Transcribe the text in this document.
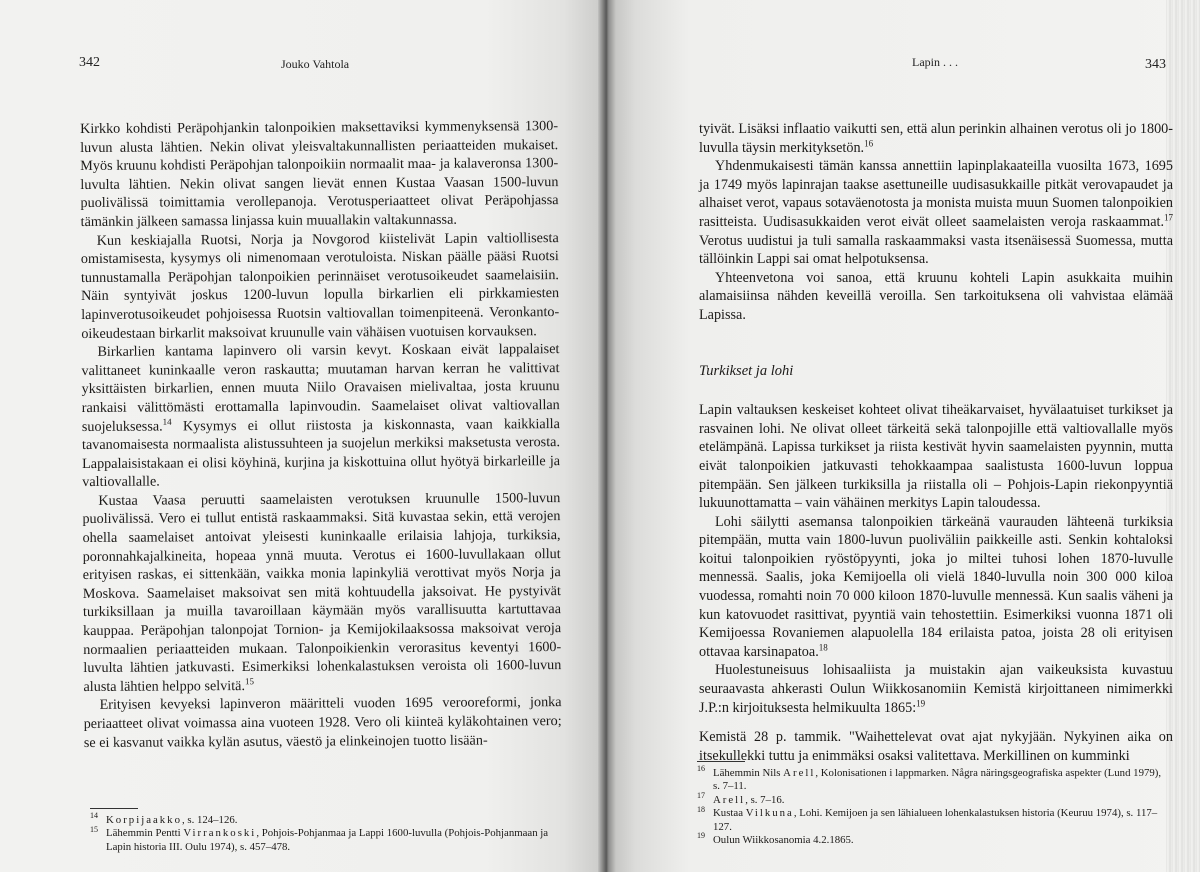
342	Jouko Vahtola

Kirkko kohdisti Peräpohjankin talonpoikien maksettaviksi kymmenyksensä 1300-luvun alusta lähtien. Nekin olivat yleisvaltakunnallisten periaatteiden mukaiset. Myös kruunu kohdisti Peräpohjan talonpoikiin normaalit maa- ja kalaveronsa 1300-luvulta lähtien. Nekin olivat sangen lievät ennen Kustaa Vaasan 1500-luvun puolivälissä toimittamia verollepanoja. Verotusperiaatteet olivat Peräpohjassa tämänkin jälkeen samassa linjassa kuin muuallakin valtakunnassa.

Kun keskiajalla Ruotsi, Norja ja Novgorod kiistelivät Lapin valtiollisesta omistamisesta, kysymys oli nimenomaan verotuloista. Niskan päälle pääsi Ruotsi tunnustamalla Peräpohjan talonpoikien perinnäiset verotusoikeudet saamelaisiin. Näin syntyivät joskus 1200-luvun lopulla birkarlien eli pirkkamiesten lapinverotusoikeudet pohjoisessa Ruotsin valtiovallan toimenpiteenä. Veronkanto-oikeudestaan birkarlit maksoivat kruunulle vain vähäisen vuotuisen korvauksen.

Birkarlien kantama lapinvero oli varsin kevyt. Koskaan eivät lappalaiset valittaneet kuninkaalle veron raskautta; muutaman harvan kerran he valittivat yksittäisten birkarlien, ennen muuta Niilo Oravaisen mielivaltaa, josta kruunu rankaisi välittömästi erottamalla lapinvoudin. Saamelaiset olivat valtiovallan suojeluksessa.$^{14}$ Kysymys ei ollut riistosta ja kiskonnasta, vaan kaikkialla tavanomaisesta normaalista alistussuhteen ja suojelun merkiksi maksetusta verosta. Lappalaisistakaan ei olisi köyhinä, kurjina ja kiskottuina ollut hyötyä birkarleille ja valtiovallalle.

Kustaa Vaasa peruutti saamelaisten verotuksen kruunulle 1500-luvun puolivälissä. Vero ei tullut entistä raskaammaksi. Sitä kuvastaa sekin, että verojen ohella saamelaiset antoivat yleisesti kuninkaalle erilaisia lahjoja, turkiksia, poronnahkajalkineita, hopeaa ynnä muuta. Verotus ei 1600-luvullakaan ollut erityisen raskas, ei sittenkään, vaikka monia lapinkyliä verottivat myös Norja ja Moskova. Saamelaiset maksoivat sen mitä kohtuudella jaksoivat. He pystyivät turkiksillaan ja muilla tavaroillaan käymään myös varallisuutta kartuttavaa kauppaa. Peräpohjan talonpojat Tornion- ja Kemijokilaaksossa maksoivat veroja normaalien periaatteiden mukaan. Talonpoikienkin verorasitus keventyi 1600-luvulta lähtien jatkuvasti. Esimerkiksi lohenkalastuksen veroista oli 1600-luvun alusta lähtien helppo selvitä.$^{15}$

Erityisen kevyeksi lapinveron määritteli vuoden 1695 verooreformi, jonka periaatteet olivat voimassa aina vuoteen 1928. Vero oli kiinteä kyläkohtainen vero; se ei kasvanut vaikka kylän asutus, väestö ja elinkeinojen tuotto lisään-

14 Korpijaakko, s. 124–126.

15 Lähemmin Pentti Virrankoski, Pohjois-Pohjanmaa ja Lappi 1600-luvulla (Pohjois-Pohjanmaan ja Lapin historia III. Oulu 1974), s. 457–478.

Lapin . . .	343

tyivät. Lisäksi inflaatio vaikutti sen, että alun perinkin alhainen verotus oli jo 1800-luvulla täysin merkityksetön.$^{16}$

Yhdenmukaisesti tämän kanssa annettiin lapinplakaateilla vuosilta 1673, 1695 ja 1749 myös lapinrajan taakse asettuneille uudisasukkaille pitkät verovapaudet ja alhaiset verot, vapaus sotaväenotosta ja monista muista muun Suomen talonpoikien rasitteista. Uudisasukkaiden verot eivät olleet saamelaisten veroja raskaammat.$^{17}$ Verotus uudistui ja tuli samalla raskaammaksi vasta itsenäisessä Suomessa, mutta tällöinkin Lappi sai omat helpotuksensa.

Yhteenvetona voi sanoa, että kruunu kohteli Lapin asukkaita muihin alamaisiinsa nähden keveillä veroilla. Sen tarkoituksena oli vahvistaa elämää Lapissa.

Turkikset ja lohi

Lapin valtauksen keskeiset kohteet olivat tiheäkarvaiset, hyvälaatuiset turkikset ja rasvainen lohi. Ne olivat olleet tärkeitä sekä talonpojille että valtiovallalle myös etelämpänä. Lapissa turkikset ja riista kestivät hyvin saamelaisten pyynnin, mutta eivät talonpoikien jatkuvasti tehokkaampaa saalistusta 1600-luvun loppua pitempään. Sen jälkeen turkiksilla ja riistalla oli – Pohjois-Lapin riekonpyyntiä lukuunottamatta – vain vähäinen merkitys Lapin taloudessa.

Lohi säilytti asemansa talonpoikien tärkeänä vaurauden lähteenä turkiksia pitempään, mutta vain 1800-luvun puoliväliin paikkeille asti. Senkin kohtaloksi koitui talonpoikien ryöstöpyynti, joka jo miltei tuhosi lohen 1870-luvulle mennessä. Saalis, joka Kemijoella oli vielä 1840-luvulla noin 300 000 kiloa vuodessa, romahti noin 70 000 kiloon 1870-luvulle mennessä. Kun saalis väheni ja kun katovuodet rasittivat, pyyntiä vain tehostettiin. Esimerkiksi vuonna 1871 oli Kemijoessa Rovaniemen alapuolella 184 erilaista patoa, joista 28 oli erityisen ottavaa karsinapatoa.$^{18}$

Huolestuneisuus lohisaaliista ja muistakin ajan vaikeuksista kuvastuu seuraavasta ahkerasti Oulun Wiikkosanomiin Kemistä kirjoittaneen nimimerkki J.P.:n kirjoituksesta helmikuulta 1865:$^{19}$

Kemistä 28 p. tammik. "Waihettelevat ovat ajat nykyjään. Nykyinen aika on itsekullekki tuttu ja enimmäksi osaksi valitettava. Merkillinen on kumminki

16 Lähemmin Nils Arell, Kolonisationen i lappmarken. Några näringsgeografiska aspekter (Lund 1979), s. 7–11.

17 Arell, s. 7–16.

18 Kustaa Vilkuna, Lohi. Kemijoen ja sen lähialueen lohenkalastuksen historia (Keuruu 1974), s. 117–127.

19 Oulun Wiikkosanomia 4.2.1865.
